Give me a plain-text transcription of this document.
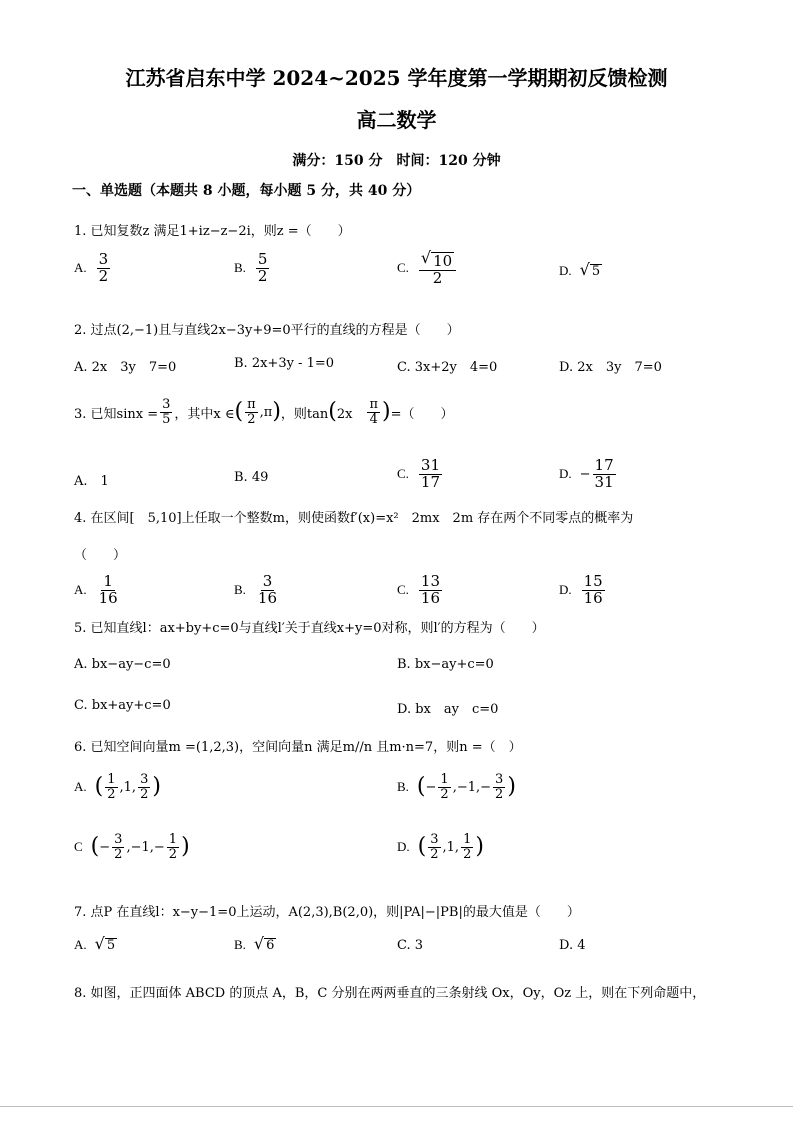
江苏省启东中学 2024~2025 学年度第一学期期初反馈检测
高二数学
满分：150 分　时间：120 分钟
一、单选题（本题共 8 小题，每小题 5 分，共 40 分）
1. 已知复数z 满足1+iz−z−2i，则z =（　　）
A. $\frac{3}{2}$	B. $\frac{5}{2}$	C. $\frac{√ 10}{2}$	D. √ 5
2. 过点(2,−1)且与直线2x−3y+9=0平行的直线的方程是（　　）
A. 2x　3y　7=0	B. 2x+3y - 1=0	C. 3x+2y　4=0	D. 2x　3y　7=0
3. 已知$\sin x = \frac{3}{5}$ ，其中x ∈ ( $\frac{\pi}{2} ,\pi$ ) ，则tan ( 2x　 $\frac{\pi}{4}$ ) =（　　）
A.　1	B. 49	C. $\frac{31}{17}$	D. − $\frac{17}{31}$
4. 在区间[　5,10]上任取一个整数m，则使函数f′(x)=x²　2mx　2m 存在两个不同零点的概率为
（　　）
A. $\frac{1}{16}$	B. $\frac{3}{16}$	C. $\frac{13}{16}$	D. $\frac{15}{16}$
5. 已知直线l：ax+by+c=0与直线l′关于直线x+y=0对称，则l′的方程为（　　）
A. bx−ay−c=0	B. bx−ay+c=0
C. bx+ay+c=0	D. bx　ay　c=0
6. 已知空间向量m =(1,2,3)，空间向量n 满足m//n 且m·n=7，则n =（　）
A. ( $\frac{1}{2} ,1$, $\frac{3}{2}$ )	B. ( − $\frac{1}{2} ,-1,- \frac{3}{2}$ )
C ( − $\frac{3}{2} ,-1,- \frac{1}{2}$ )	D. ( $\frac{3}{2} ,1$, $\frac{1}{2}$ )
7. 点P 在直线l：x−y−1=0上运动，A(2,3),B(2,0)，则|PA|−|PB|的最大值是（　　）
A. √ 5	B. √ 6	C. 3	D. 4
8. 如图，正四面体 ABCD 的顶点 A，B，C 分别在两两垂直的三条射线 Ox，Oy，Oz 上，则在下列命题中，
